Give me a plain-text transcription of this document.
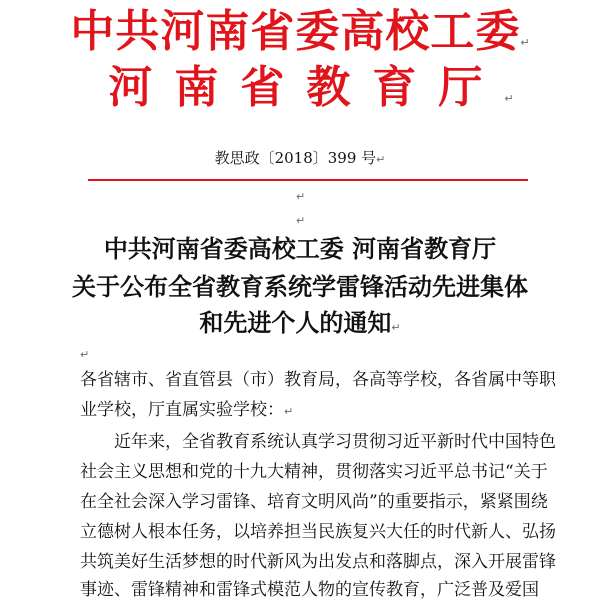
中共河南省委高校工委↵
河南省教育厅↵
教思政〔2018〕399 号↵
↵
↵
中共河南省委高校工委 河南省教育厅
关于公布全省教育系统学雷锋活动先进集体
和先进个人的通知↵
↵
各省辖市、省直管县（市）教育局，各高等学校，各省属中等职
业学校，厅直属实验学校：↵
　　近年来，全省教育系统认真学习贯彻习近平新时代中国特色
社会主义思想和党的十九大精神，贯彻落实习近平总书记“关于
在全社会深入学习雷锋、培育文明风尚”的重要指示，紧紧围绕
立德树人根本任务，以培养担当民族复兴大任的时代新人、弘扬
共筑美好生活梦想的时代新风为出发点和落脚点，深入开展雷锋
事迹、雷锋精神和雷锋式模范人物的宣传教育，广泛普及爱国
